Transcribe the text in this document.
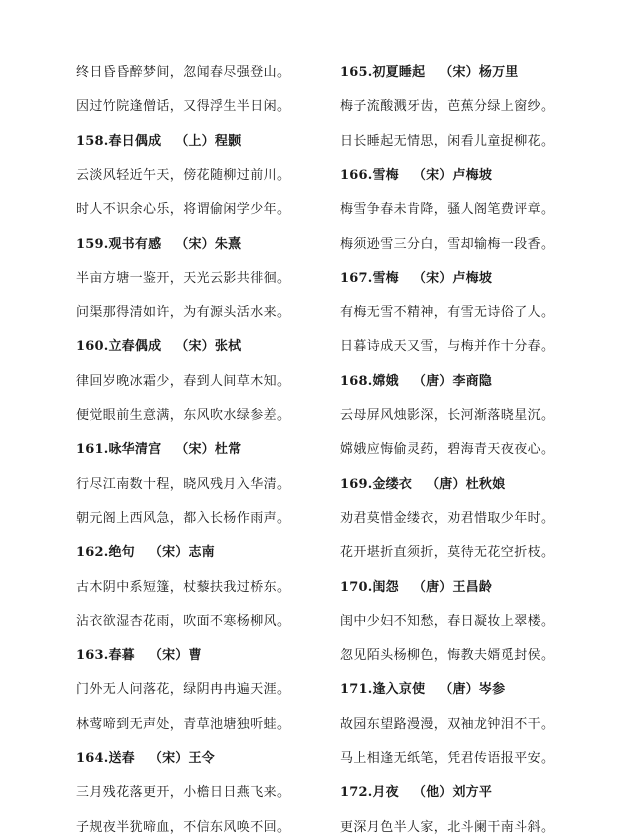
终日昏昏醉梦间，忽闻春尽强登山。
因过竹院逢僧话，又得浮生半日闲。
158.春日偶成 （上）程颢
云淡风轻近午天，傍花随柳过前川。
时人不识余心乐，将谓偷闲学少年。
159.观书有感 （宋）朱熹
半亩方塘一鉴开，天光云影共徘徊。
问渠那得清如许，为有源头活水来。
160.立春偶成 （宋）张栻
律回岁晚冰霜少，春到人间草木知。
便觉眼前生意满，东风吹水绿参差。
161.咏华清宫 （宋）杜常
行尽江南数十程，晓风残月入华清。
朝元阁上西风急，都入长杨作雨声。
162.绝句 （宋）志南
古木阴中系短篷，杖藜扶我过桥东。
沾衣欲湿杏花雨，吹面不寒杨柳风。
163.春暮 （宋）曹
门外无人问落花，绿阴冉冉遍天涯。
林莺啼到无声处，青草池塘独听蛙。
164.送春 （宋）王令
三月残花落更开，小檐日日燕飞来。
子规夜半犹啼血，不信东风唤不回。
165.初夏睡起 （宋）杨万里
梅子流酸溅牙齿，芭蕉分绿上窗纱。
日长睡起无情思，闲看儿童捉柳花。
166.雪梅 （宋）卢梅坡
梅雪争春未肯降，骚人阁笔费评章。
梅须逊雪三分白，雪却输梅一段香。
167.雪梅 （宋）卢梅坡
有梅无雪不精神，有雪无诗俗了人。
日暮诗成天又雪，与梅并作十分春。
168.嫦娥 （唐）李商隐
云母屏风烛影深，长河渐落晓星沉。
嫦娥应悔偷灵药，碧海青天夜夜心。
169.金缕衣 （唐）杜秋娘
劝君莫惜金缕衣，劝君惜取少年时。
花开堪折直须折，莫待无花空折枝。
170.闺怨 （唐）王昌龄
闺中少妇不知愁，春日凝妆上翠楼。
忽见陌头杨柳色，悔教夫婿觅封侯。
171.逢入京使 （唐）岑参
故园东望路漫漫，双袖龙钟泪不干。
马上相逢无纸笔，凭君传语报平安。
172.月夜 （他）刘方平
更深月色半人家，北斗阑干南斗斜。
